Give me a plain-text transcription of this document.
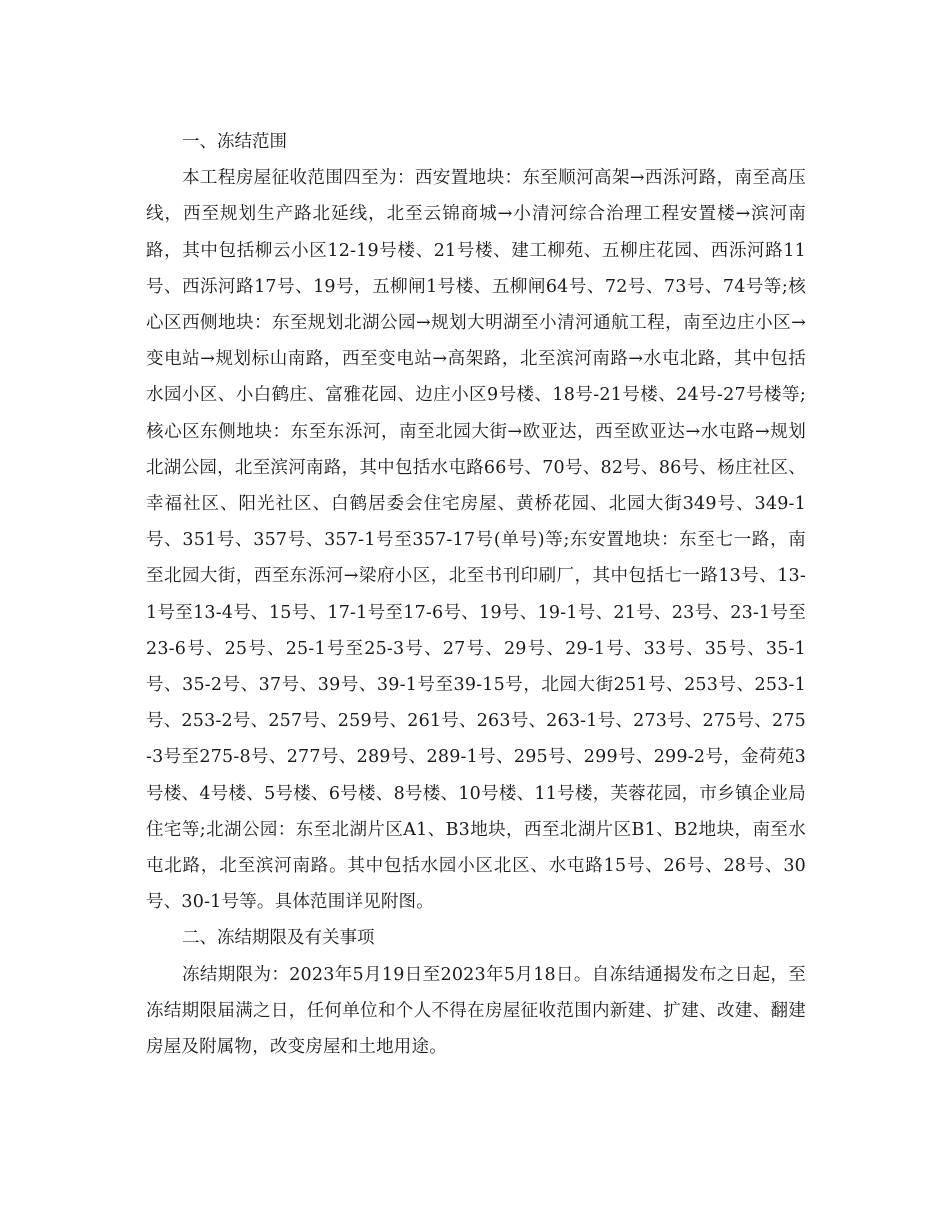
一、冻结范围

本工程房屋征收范围四至为：西安置地块：东至顺河高架→西泺河路，南至高压线，西至规划生产路北延线，北至云锦商城→小清河综合治理工程安置楼→滨河南路，其中包括柳云小区12-19号楼、21号楼、建工柳苑、五柳庄花园、西泺河路11号、西泺河路17号、19号，五柳闸1号楼、五柳闸64号、72号、73号、74号等;核心区西侧地块：东至规划北湖公园→规划大明湖至小清河通航工程，南至边庄小区→变电站→规划标山南路，西至变电站→高架路，北至滨河南路→水屯北路，其中包括水园小区、小白鹤庄、富雅花园、边庄小区9号楼、18号-21号楼、24号-27号楼等;核心区东侧地块：东至东泺河，南至北园大街→欧亚达，西至欧亚达→水屯路→规划北湖公园，北至滨河南路，其中包括水屯路66号、70号、82号、86号、杨庄社区、幸福社区、阳光社区、白鹤居委会住宅房屋、黄桥花园、北园大街349号、349-1号、351号、357号、357-1号至357-17号(单号)等;东安置地块：东至七一路，南至北园大街，西至东泺河→梁府小区，北至书刊印刷厂，其中包括七一路13号、13-1号至13-4号、15号、17-1号至17-6号、19号、19-1号、21号、23号、23-1号至23-6号、25号、25-1号至25-3号、27号、29号、29-1号、33号、35号、35-1号、35-2号、37号、39号、39-1号至39-15号，北园大街251号、253号、253-1号、253-2号、257号、259号、261号、263号、263-1号、273号、275号、275-3号至275-8号、277号、289号、289-1号、295号、299号、299-2号，金荷苑3号楼、4号楼、5号楼、6号楼、8号楼、10号楼、11号楼，芙蓉花园，市乡镇企业局住宅等;北湖公园：东至北湖片区A1、B3地块，西至北湖片区B1、B2地块，南至水屯北路，北至滨河南路。其中包括水园小区北区、水屯路15号、26号、28号、30号、30-1号等。具体范围详见附图。

二、冻结期限及有关事项

冻结期限为：2023年5月19日至2023年5月18日。自冻结通揭发布之日起，至冻结期限届满之日，任何单位和个人不得在房屋征收范围内新建、扩建、改建、翻建房屋及附属物，改变房屋和土地用途。
